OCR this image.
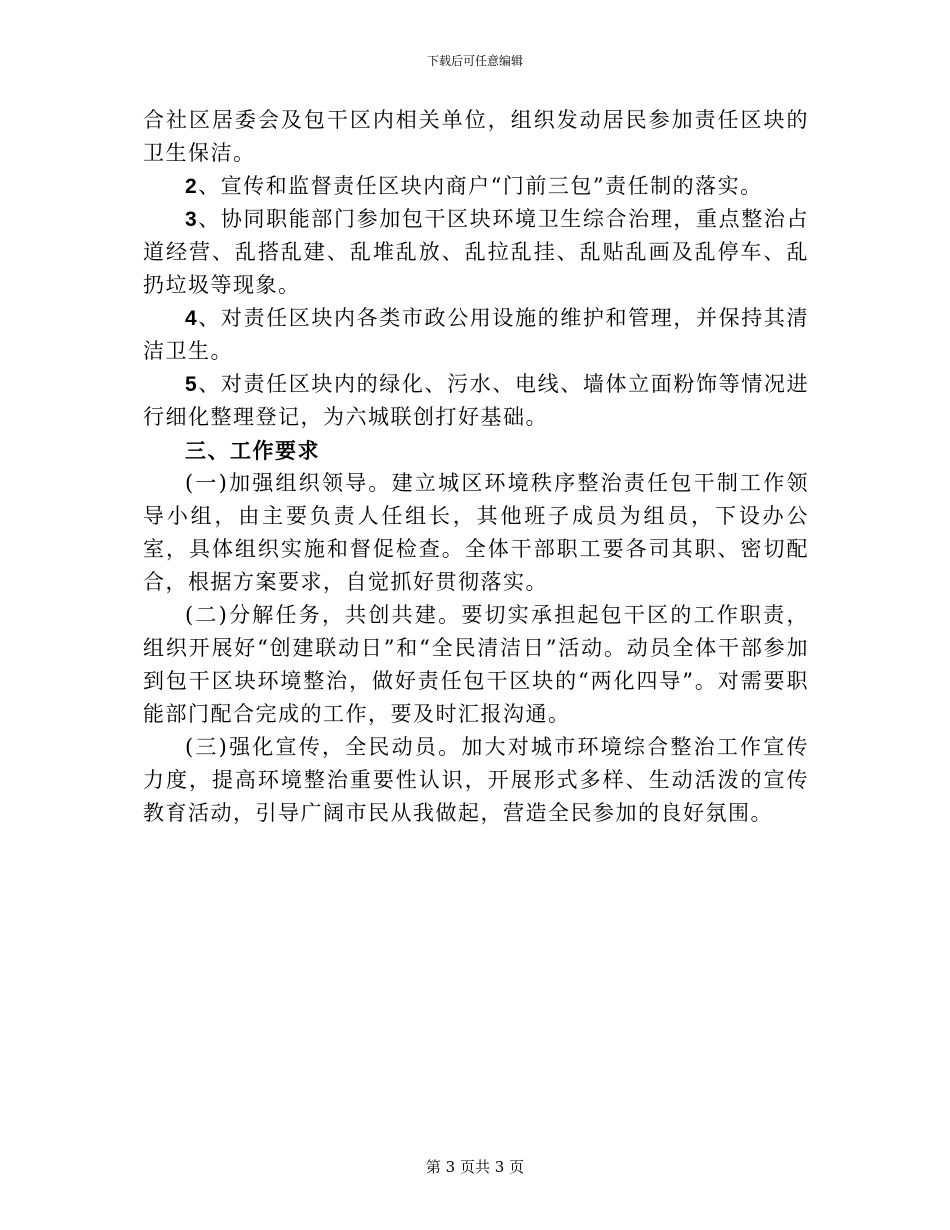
下载后可任意编辑

合社区居委会及包干区内相关单位，组织发动居民参加责任区块的卫生保洁。

2、宣传和监督责任区块内商户“门前三包”责任制的落实。

3、协同职能部门参加包干区块环境卫生综合治理，重点整治占道经营、乱搭乱建、乱堆乱放、乱拉乱挂、乱贴乱画及乱停车、乱扔垃圾等现象。

4、对责任区块内各类市政公用设施的维护和管理，并保持其清洁卫生。

5、对责任区块内的绿化、污水、电线、墙体立面粉饰等情况进行细化整理登记，为六城联创打好基础。

三、工作要求

(一)加强组织领导。建立城区环境秩序整治责任包干制工作领导小组，由主要负责人任组长，其他班子成员为组员，下设办公室，具体组织实施和督促检查。全体干部职工要各司其职、密切配合，根据方案要求，自觉抓好贯彻落实。

(二)分解任务，共创共建。要切实承担起包干区的工作职责，组织开展好“创建联动日”和“全民清洁日”活动。动员全体干部参加到包干区块环境整治，做好责任包干区块的“两化四导”。对需要职能部门配合完成的工作，要及时汇报沟通。

(三)强化宣传，全民动员。加大对城市环境综合整治工作宣传力度，提高环境整治重要性认识，开展形式多样、生动活泼的宣传教育活动，引导广阔市民从我做起，营造全民参加的良好氛围。

第 3 页共 3 页
